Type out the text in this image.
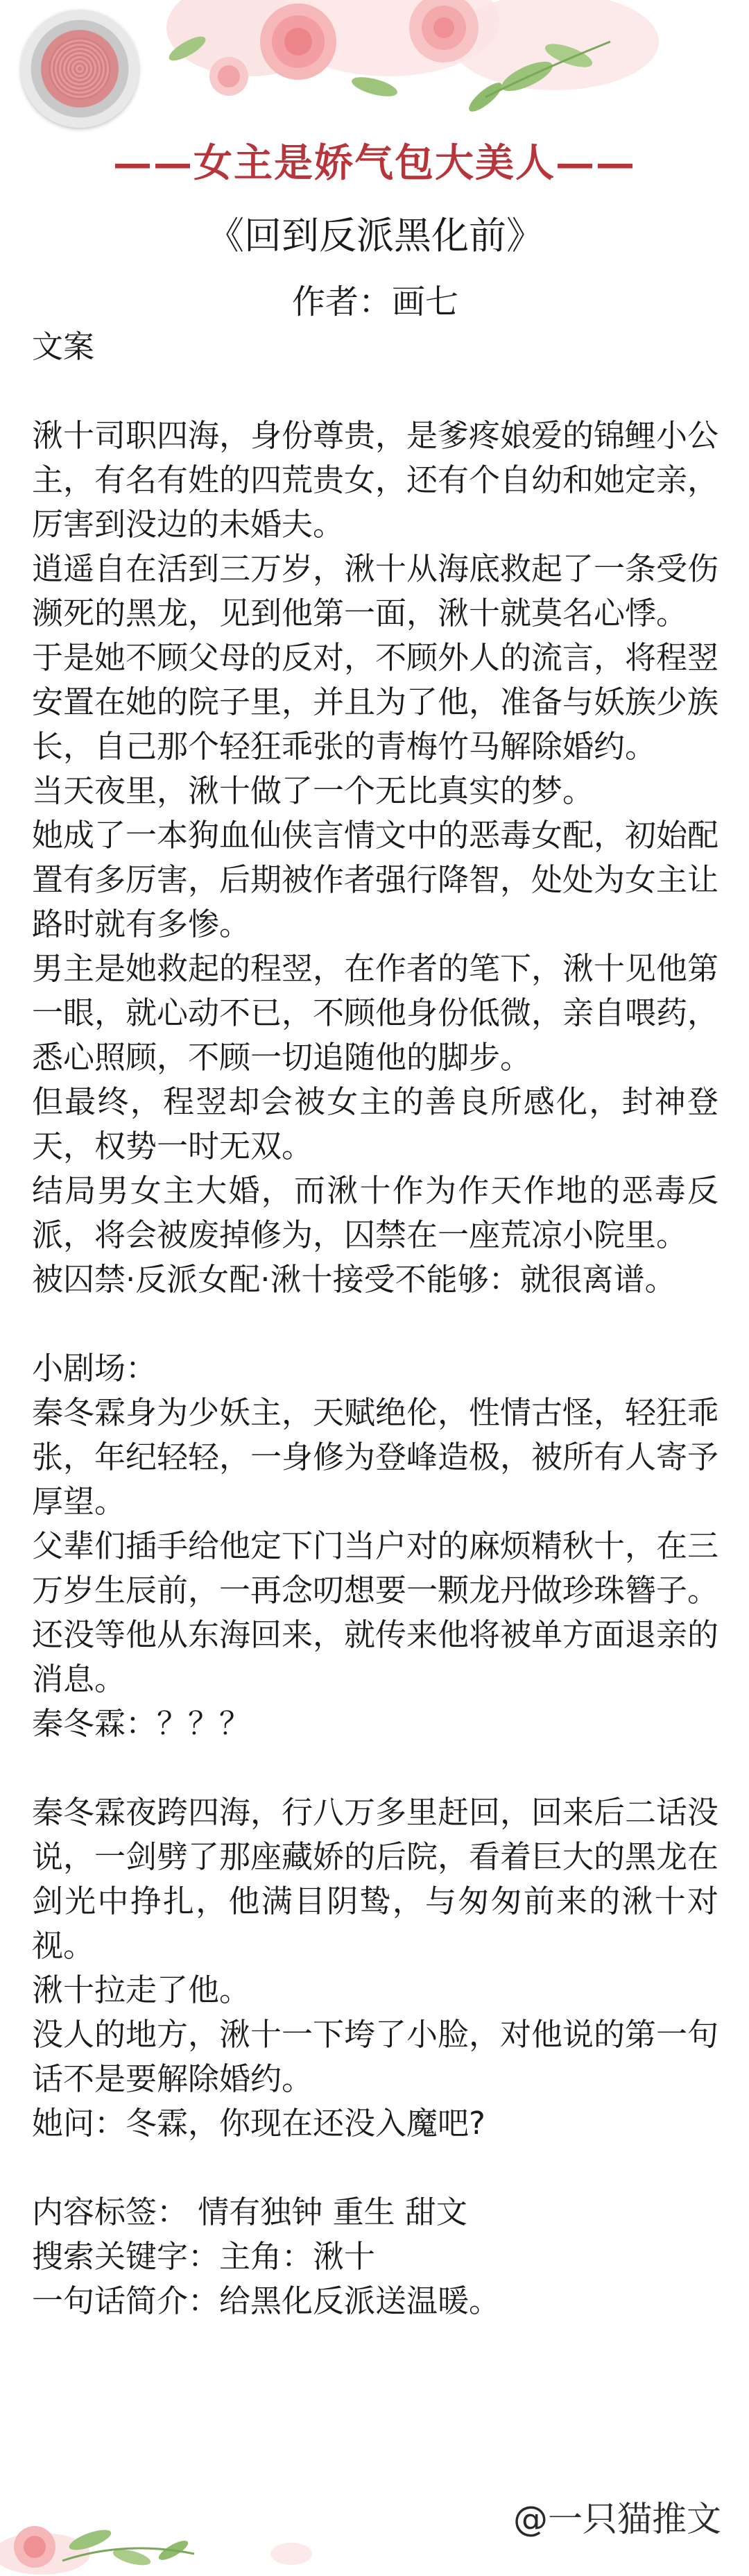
——女主是娇气包大美人——

《回到反派黑化前》

作者：画七

文案

湫十司职四海，身份尊贵，是爹疼娘爱的锦鲤小公主，有名有姓的四荒贵女，还有个自幼和她定亲，厉害到没边的未婚夫。

逍遥自在活到三万岁，湫十从海底救起了一条受伤濒死的黑龙，见到他第一面，湫十就莫名心悸。

于是她不顾父母的反对，不顾外人的流言，将程翌安置在她的院子里，并且为了他，准备与妖族少族长，自己那个轻狂乖张的青梅竹马解除婚约。

当天夜里，湫十做了一个无比真实的梦。

她成了一本狗血仙侠言情文中的恶毒女配，初始配置有多厉害，后期被作者强行降智，处处为女主让路时就有多惨。

男主是她救起的程翌，在作者的笔下，湫十见他第一眼，就心动不已，不顾他身份低微，亲自喂药，悉心照顾，不顾一切追随他的脚步。

但最终，程翌却会被女主的善良所感化，封神登天，权势一时无双。

结局男女主大婚，而湫十作为作天作地的恶毒反派，将会被废掉修为，囚禁在一座荒凉小院里。

被囚禁·反派女配·湫十接受不能够：就很离谱。

小剧场：

秦冬霖身为少妖主，天赋绝伦，性情古怪，轻狂乖张，年纪轻轻，一身修为登峰造极，被所有人寄予厚望。

父辈们插手给他定下门当户对的麻烦精秋十，在三万岁生辰前，一再念叨想要一颗龙丹做珍珠簪子。

还没等他从东海回来，就传来他将被单方面退亲的消息。

秦冬霖：？？？

秦冬霖夜跨四海，行八万多里赶回，回来后二话没说，一剑劈了那座藏娇的后院，看着巨大的黑龙在剑光中挣扎，他满目阴鸷，与匆匆前来的湫十对视。

湫十拉走了他。

没人的地方，湫十一下垮了小脸，对他说的第一句话不是要解除婚约。

她问：冬霖，你现在还没入魔吧?

内容标签： 情有独钟 重生 甜文

搜索关键字：主角：湫十

一句话简介：给黑化反派送温暖。

@一只猫推文
